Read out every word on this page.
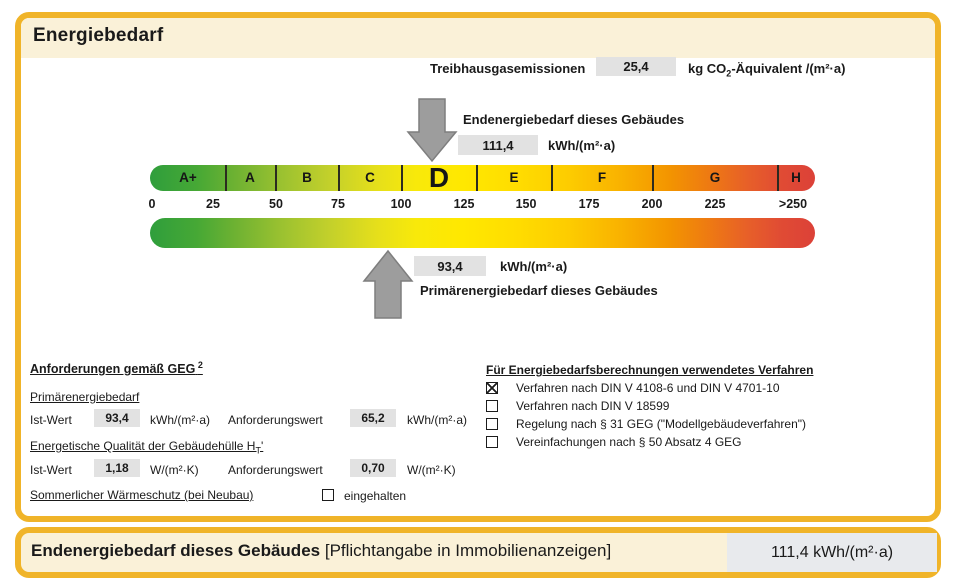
Energiebedarf
Treibhausgasemissionen	25,4	kg $CO_2$-Äquivalent /(m²·a)
Endenergiebedarf dieses Gebäudes
111,4	kWh/(m²·a)
A+	A	B	C D	E	F	G	H
0	25	50	75	100	125	150	175	200	225	>250
93,4	kWh/(m²·a)
Primärenergiebedarf dieses Gebäudes
Anforderungen gemäß GEG  $^2$
Primärenergiebedarf
Ist-Wert	93,4 kWh/(m²·a) Anforderungswert	65,2 kWh/(m²·a)
Energetische Qualität der Gebäudehülle $H_T'$
Ist-Wert	1,18 W/(m²·K) Anforderungswert	0,70 W/(m²·K)
Sommerlicher Wärmeschutz (bei Neubau)	eingehalten
Für Energiebedarfsberechnungen verwendetes Verfahren
Verfahren nach DIN V 4108-6 und DIN V 4701-10
Verfahren nach DIN V 18599
Regelung nach § 31 GEG ("Modellgebäudeverfahren")
Vereinfachungen nach § 50 Absatz 4 GEG
Endenergiebedarf dieses Gebäudes [Pflichtangabe in Immobilienanzeigen]	111,4 kWh/(m²·a)
